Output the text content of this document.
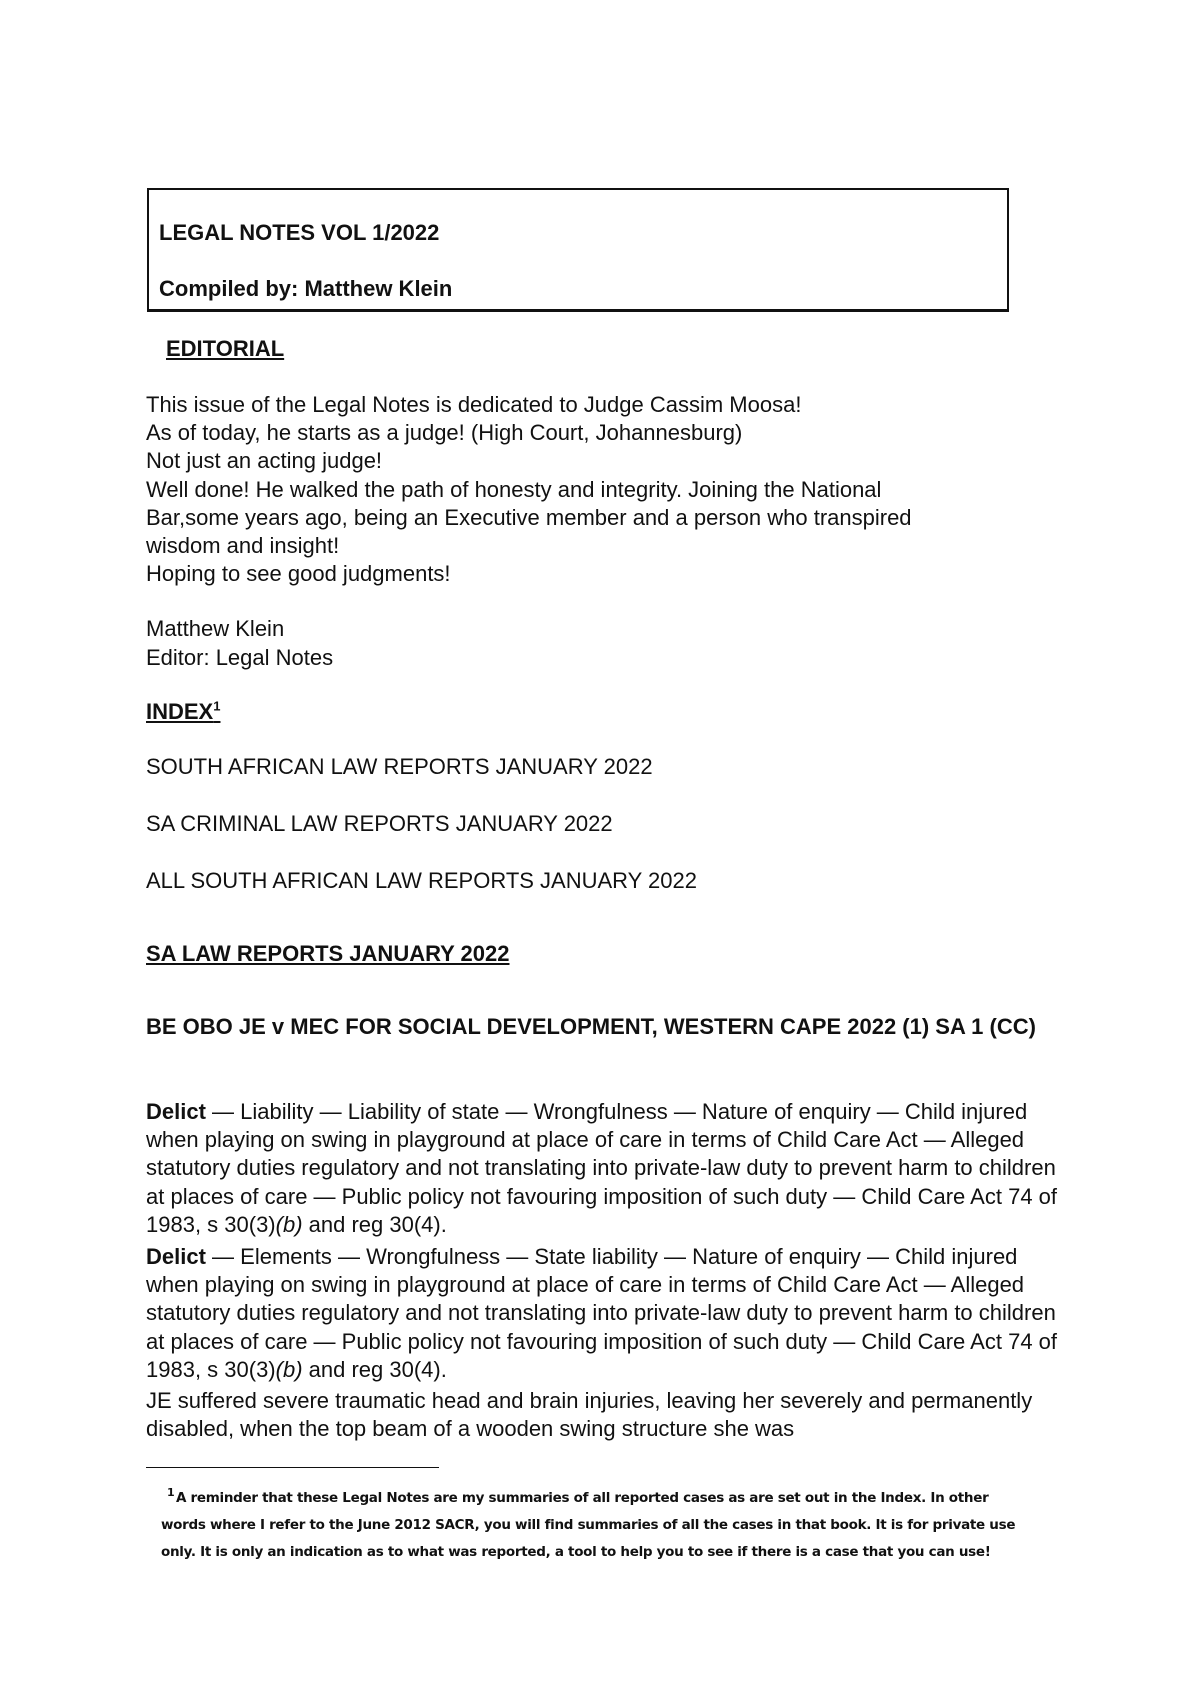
LEGAL NOTES VOL 1/2022
Compiled by: Matthew Klein
EDITORIAL

This issue of the Legal Notes is dedicated to Judge Cassim Moosa!

As of today, he starts as a judge! (High Court, Johannesburg)

Not just an acting judge!

Well done! He walked the path of honesty and integrity. Joining the National

Bar,some years ago, being an Executive member and a person who transpired

wisdom and insight!

Hoping to see good judgments!

Matthew Klein

Editor: Legal Notes

INDEX$^1$
SOUTH AFRICAN LAW REPORTS JANUARY 2022
SA CRIMINAL LAW REPORTS JANUARY 2022
ALL SOUTH AFRICAN LAW REPORTS JANUARY 2022
SA LAW REPORTS JANUARY 2022
BE OBO JE v MEC FOR SOCIAL DEVELOPMENT, WESTERN CAPE 2022 (1) SA 1 (CC)
Delict — Liability — Liability of state — Wrongfulness — Nature of enquiry — Child injured when playing on swing in playground at place of care in terms of Child Care Act — Alleged statutory duties regulatory and not translating into private-law duty to prevent harm to children at places of care — Public policy not favouring imposition of such duty — Child Care Act 74 of 1983, s 30(3)(b) and reg 30(4).
Delict — Elements — Wrongfulness — State liability — Nature of enquiry — Child injured when playing on swing in playground at place of care in terms of Child Care Act — Alleged statutory duties regulatory and not translating into private-law duty to prevent harm to children at places of care — Public policy not favouring imposition of such duty — Child Care Act 74 of 1983, s 30(3)(b) and reg 30(4).
JE suffered severe traumatic head and brain injuries, leaving her severely and permanently disabled, when the top beam of a wooden swing structure she was
1 A reminder that these Legal Notes are my summaries of all reported cases as are set out in the Index. In other
words where I refer to the June 2012 SACR, you will find summaries of all the cases in that book. It is for private use
only. It is only an indication as to what was reported, a tool to help you to see if there is a case that you can use!
